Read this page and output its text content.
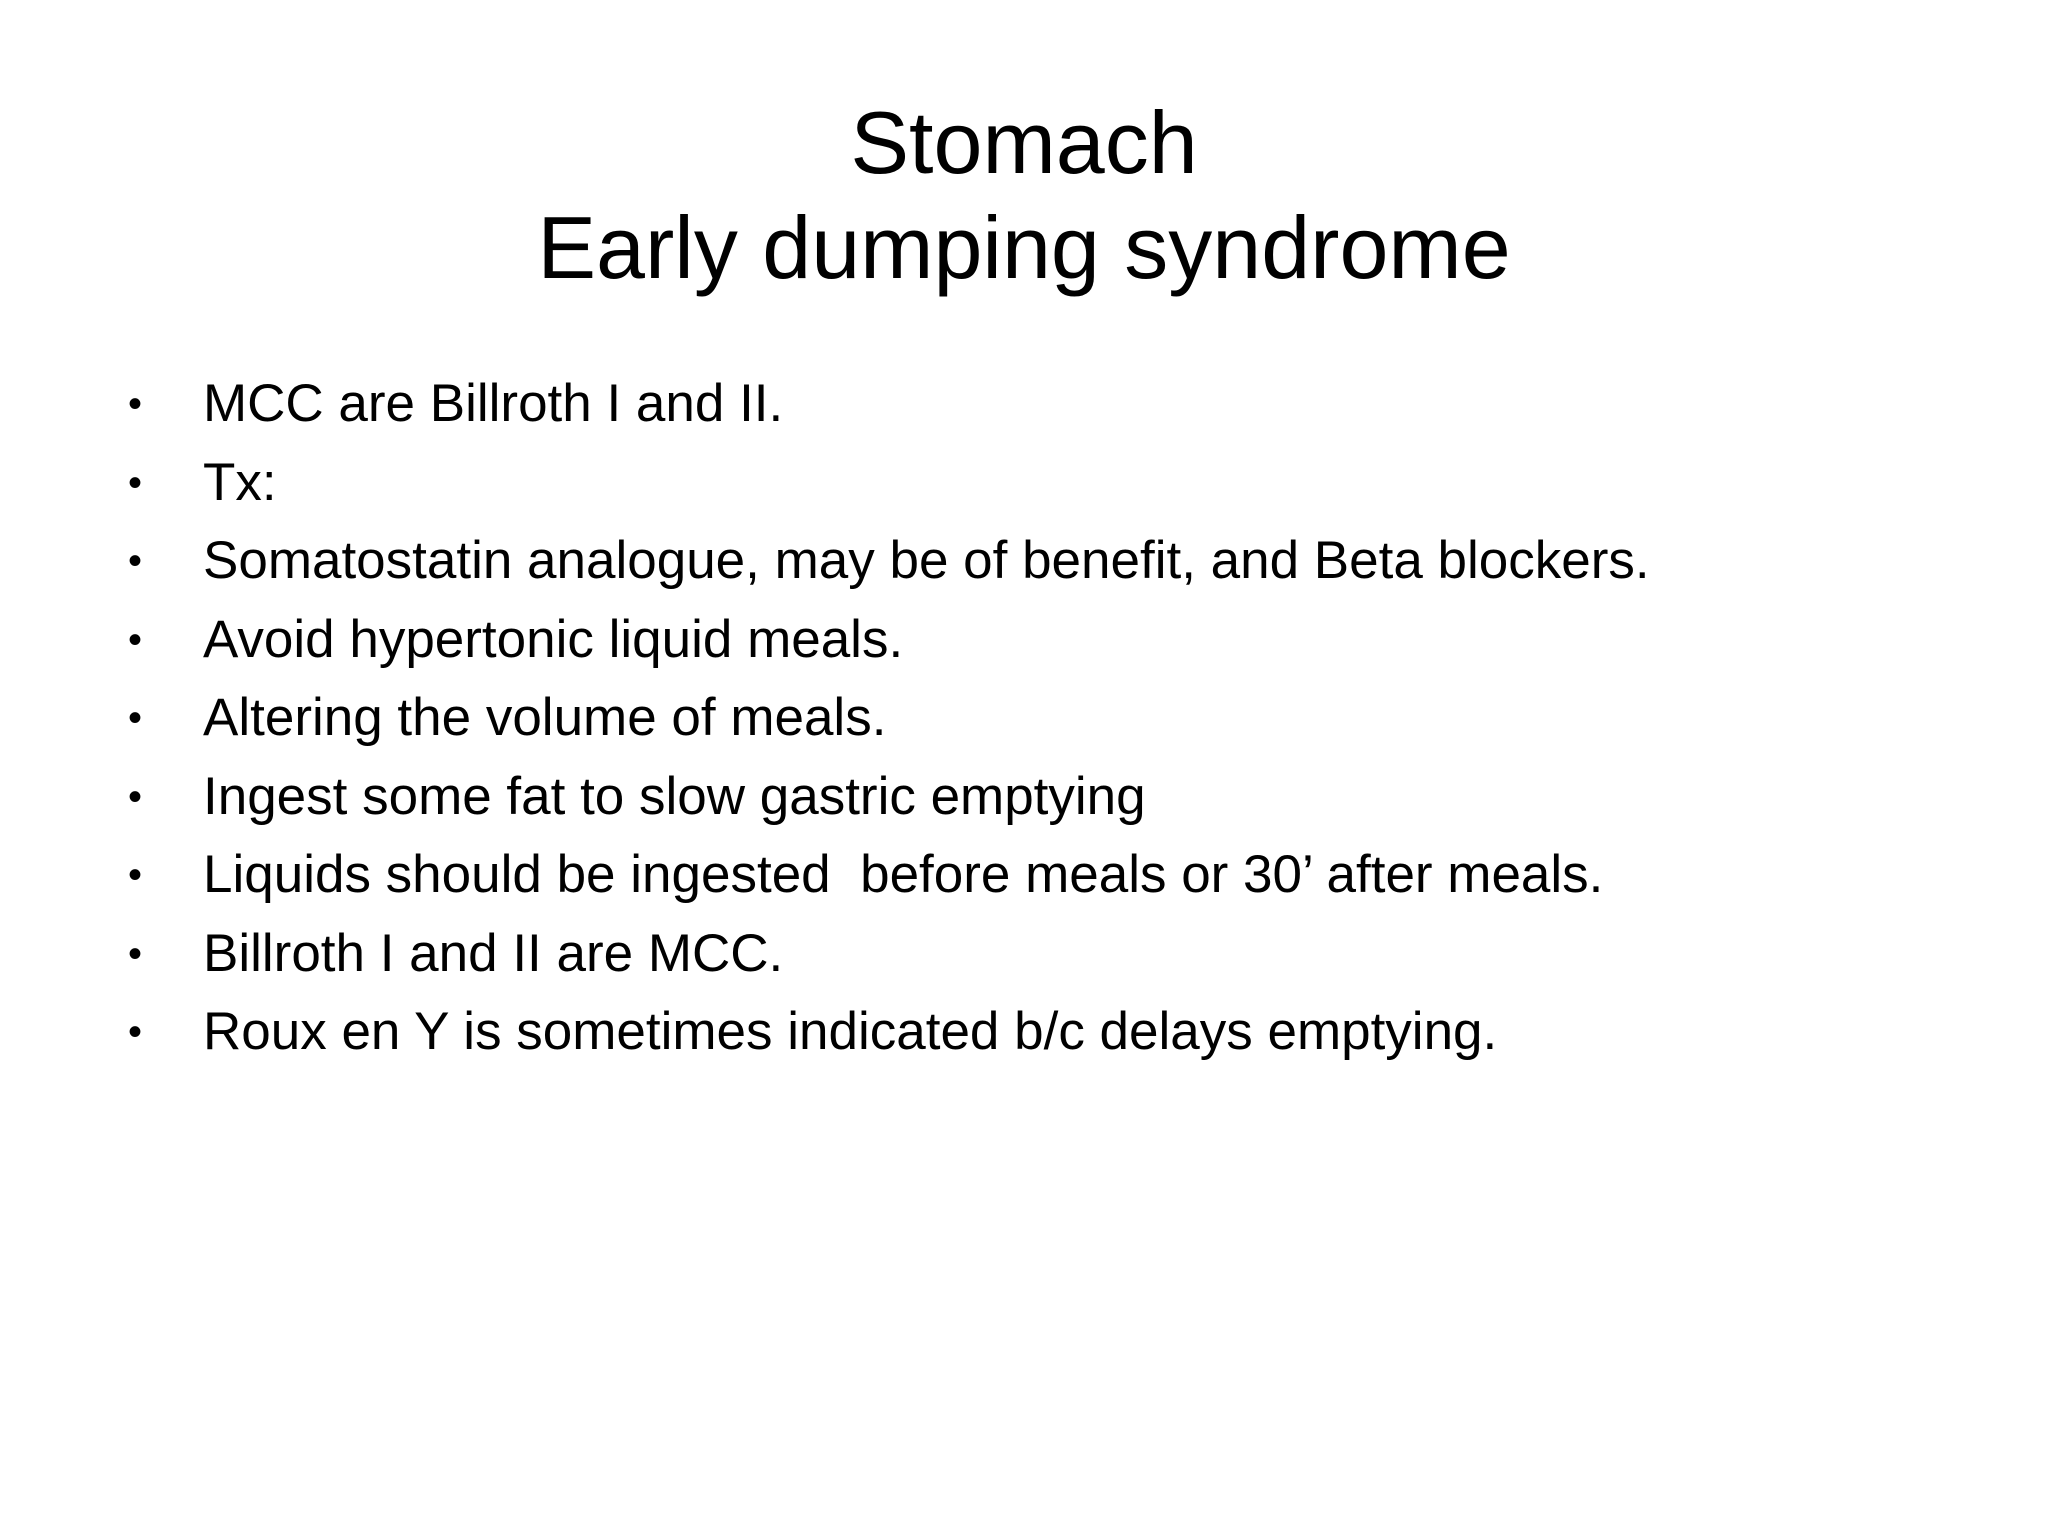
Stomach
Early dumping syndrome

•

MCC are Billroth I and II.

•

Tx:

•

Somatostatin analogue, may be of benefit, and Beta blockers.

•

Avoid hypertonic liquid meals.

•

Altering the volume of meals.

•

Ingest some fat to slow gastric emptying

•

Liquids should be ingested  before meals or 30’ after meals.

•

Billroth I and II are MCC.

•

Roux en Y is sometimes indicated b/c delays emptying.
